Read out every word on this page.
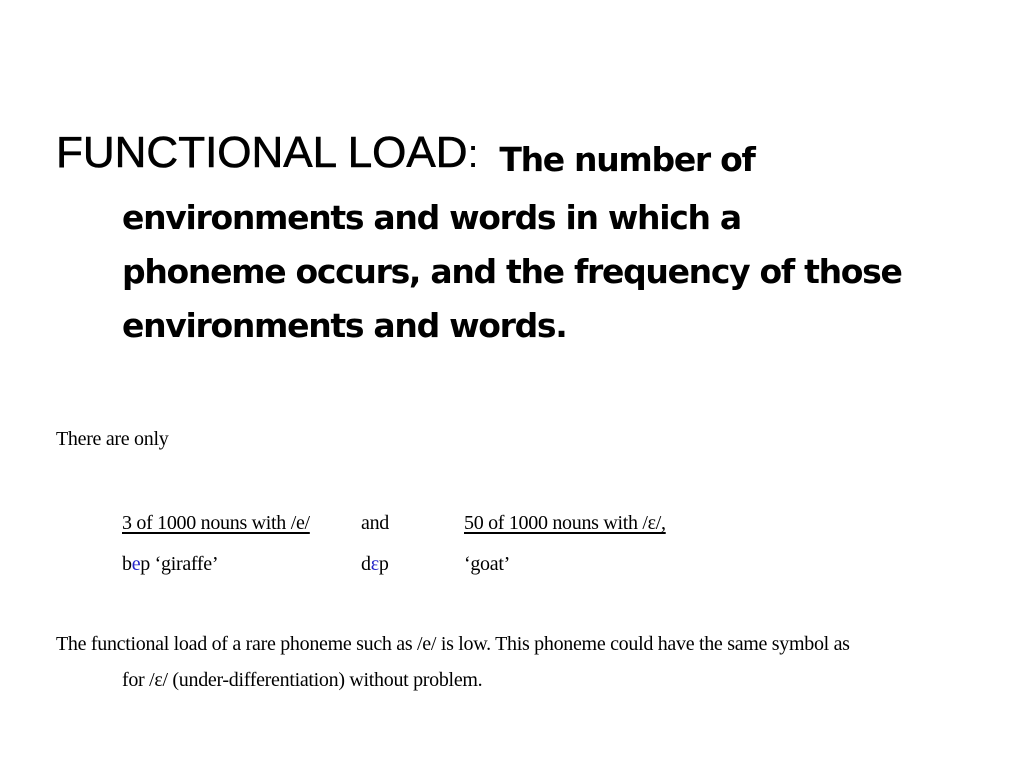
FUNCTIONAL LOAD: The number of
environments and words in which a
phoneme occurs, and the frequency of those
environments and words.
There are only
3 of 1000 nouns with /e/	and	50 of 1000 nouns with /ɛ/,
bep ‘giraffe’	dɛp	‘goat’
The functional load of a rare phoneme such as /e/ is low. This phoneme could have the same symbol as
for /ɛ/ (under-differentiation) without problem.
